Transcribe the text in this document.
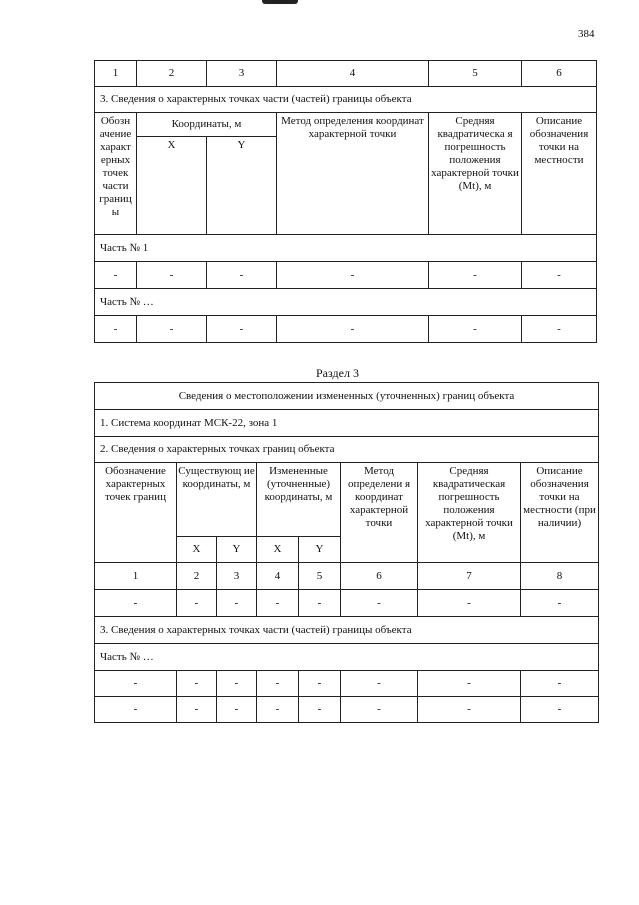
384
1	2	3	4	5	6
3. Сведения о характерных точках части (частей) границы объекта					
Обозн ачение характ ерных точек части границ ы	Координаты, м		Метод определения координат характерной точки	Средняя квадратическа я погрешность положения характерной точки (Mt), м	Описание обозначения точки на местности
	X	Y			
Часть № 1					
-	-	-	-	-	-
Часть № …					
-	-	-	-	-	-
Раздел 3
Сведения о местоположении измененных (уточненных) границ объекта							
1. Система координат МСК-22, зона 1							
2. Сведения о характерных точках границ объекта							
Обозначение характерных точек границ	Существующ ие координаты, м		Измененные (уточненные) координаты, м		Метод определени я координат характерной точки	Средняя квадратическая погрешность положения характерной точки (Mt), м	Описание обозначения точки на местности (при наличии)
	X	Y	X	Y			
1	2	3	4	5	6	7	8
-	-	-	-	-	-	-	-
3. Сведения о характерных точках части (частей) границы объекта							
Часть № …							
-	-	-	-	-	-	-	-
-	-	-	-	-	-	-	-
